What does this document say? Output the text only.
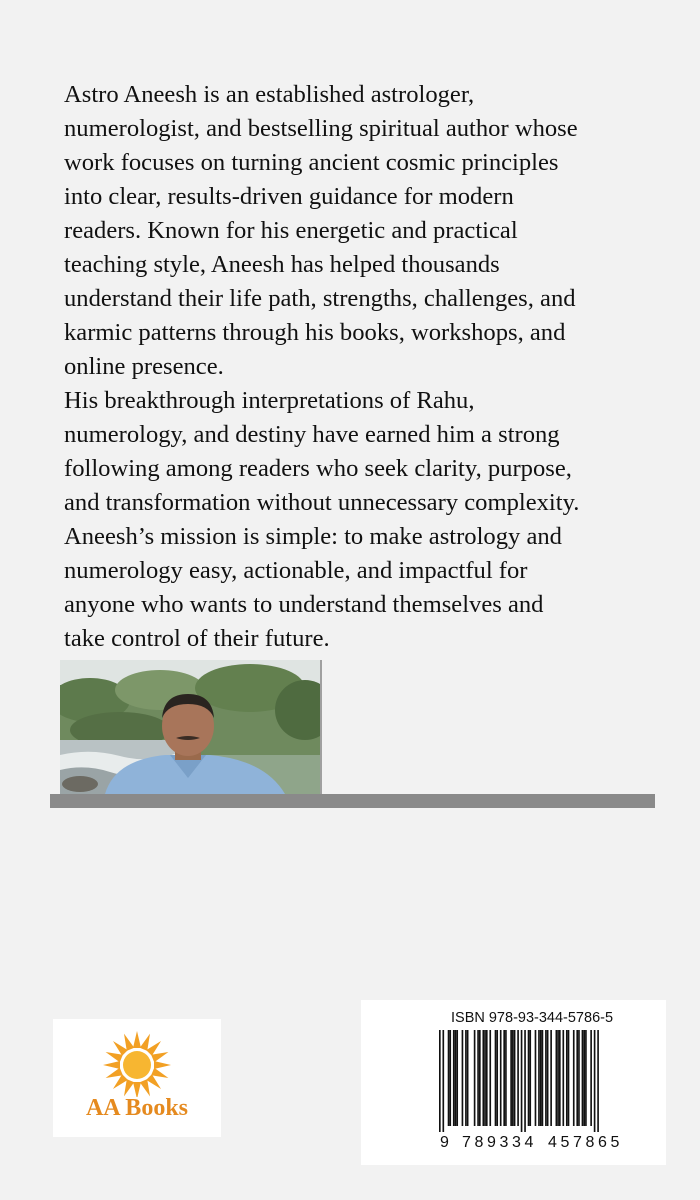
Astro Aneesh is an established astrologer,
numerologist, and bestselling spiritual author whose
work focuses on turning ancient cosmic principles
into clear, results-driven guidance for modern
readers. Known for his energetic and practical
teaching style, Aneesh has helped thousands
understand their life path, strengths, challenges, and
karmic patterns through his books, workshops, and
online presence.

His breakthrough interpretations of Rahu,
numerology, and destiny have earned him a strong
following among readers who seek clarity, purpose,
and transformation without unnecessary complexity.

Aneesh’s mission is simple: to make astrology and
numerology easy, actionable, and impactful for
anyone who wants to understand themselves and
take control of their future.

AA Books
ISBN 978-93-344-5786-5
9 789334 457865
